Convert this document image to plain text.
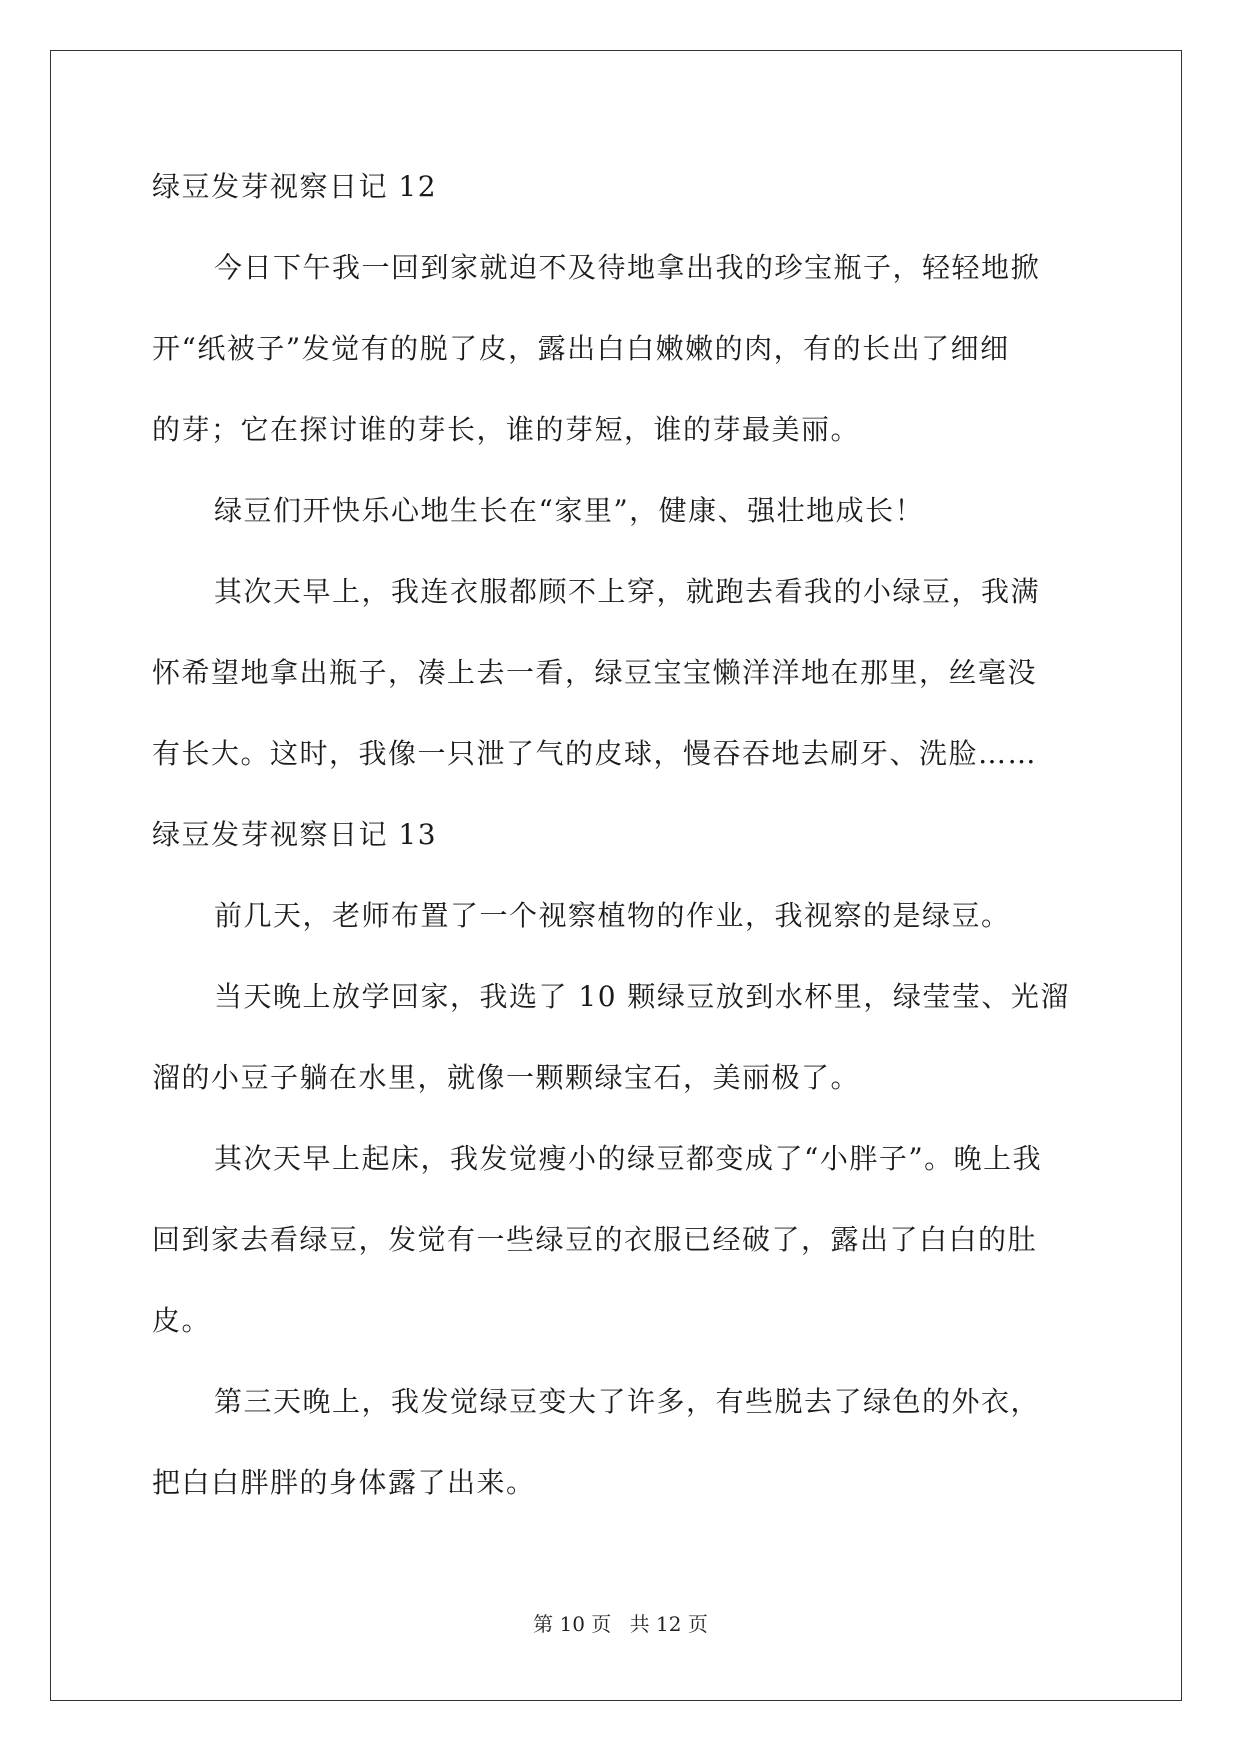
绿豆发芽视察日记 12
今日下午我一回到家就迫不及待地拿出我的珍宝瓶子，轻轻地掀
开“纸被子”发觉有的脱了皮，露出白白嫩嫩的肉，有的长出了细细
的芽；它在探讨谁的芽长，谁的芽短，谁的芽最美丽。
绿豆们开快乐心地生长在“家里”，健康、强壮地成长！
其次天早上，我连衣服都顾不上穿，就跑去看我的小绿豆，我满
怀希望地拿出瓶子，凑上去一看，绿豆宝宝懒洋洋地在那里，丝毫没
有长大。这时，我像一只泄了气的皮球，慢吞吞地去刷牙、洗脸……
绿豆发芽视察日记 13
前几天，老师布置了一个视察植物的作业，我视察的是绿豆。
当天晚上放学回家，我选了 10 颗绿豆放到水杯里，绿莹莹、光溜
溜的小豆子躺在水里，就像一颗颗绿宝石，美丽极了。
其次天早上起床，我发觉瘦小的绿豆都变成了“小胖子”。晚上我
回到家去看绿豆，发觉有一些绿豆的衣服已经破了，露出了白白的肚
皮。
第三天晚上，我发觉绿豆变大了许多，有些脱去了绿色的外衣，
把白白胖胖的身体露了出来。
第 10 页 共 12 页
